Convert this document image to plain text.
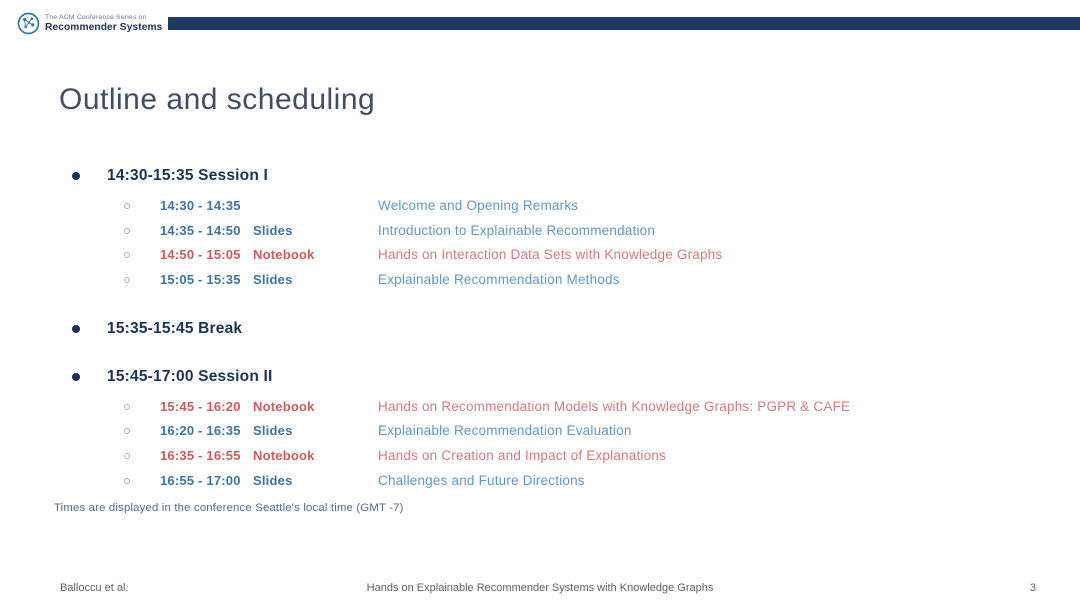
The ACM Conference Series on
Recommender Systems
Outline and scheduling
14:30-15:35 Session I
14:30 - 14:35	Welcome and Opening Remarks
14:35 - 14:50 Slides	Introduction to Explainable Recommendation
14:50 - 15:05 Notebook	Hands on Interaction Data Sets with Knowledge Graphs
15:05 - 15:35 Slides	Explainable Recommendation Methods
15:35-15:45 Break
15:45-17:00 Session II
15:45 - 16:20 Notebook	Hands on Recommendation Models with Knowledge Graphs: PGPR & CAFE
16:20 - 16:35 Slides	Explainable Recommendation Evaluation
16:35 - 16:55 Notebook	Hands on Creation and Impact of Explanations
16:55 - 17:00 Slides	Challenges and Future Directions

Times are displayed in the conference Seattle's local time (GMT -7)

Balloccu et al.	Hands on Explainable Recommender Systems with Knowledge Graphs	3
